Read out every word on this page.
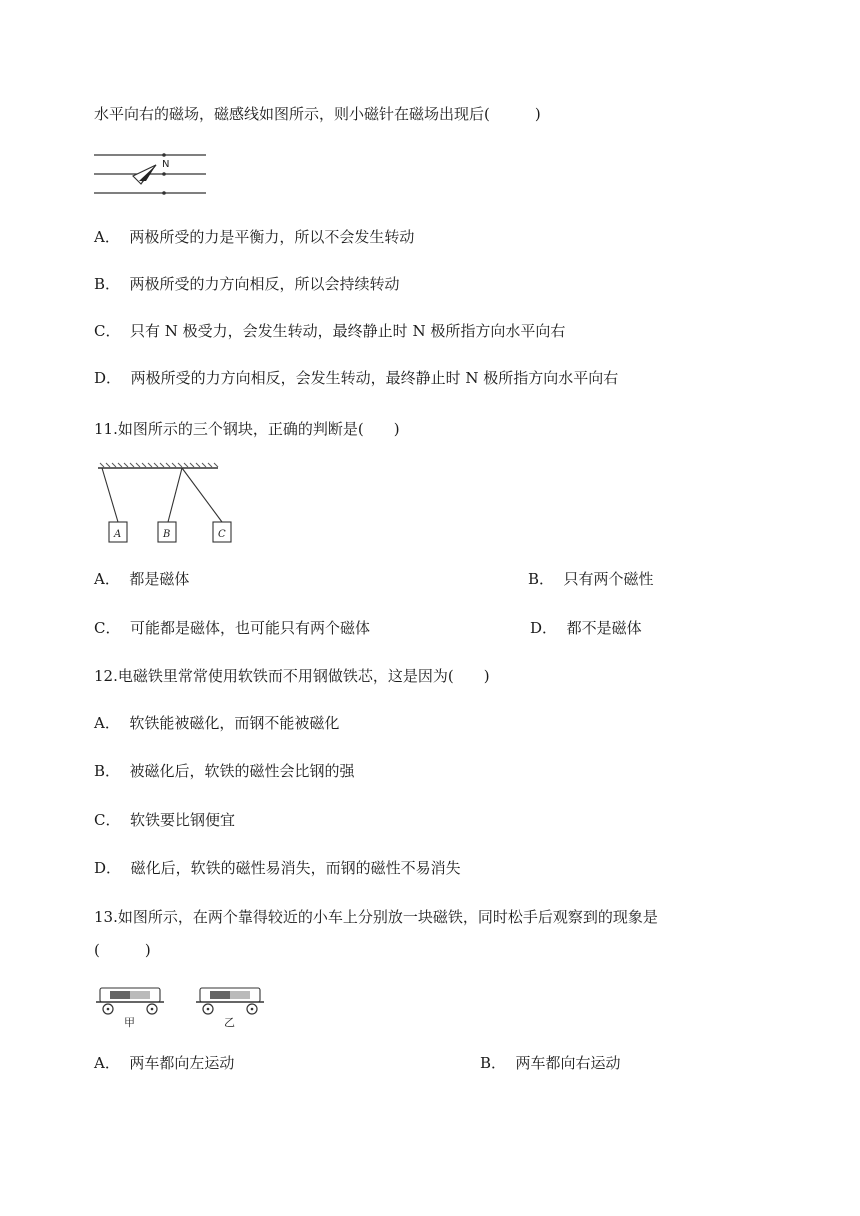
水平向右的磁场，磁感线如图所示，则小磁针在磁场出现后(　　　)
N
A．  两极所受的力是平衡力，所以不会发生转动
B．  两极所受的力方向相反，所以会持续转动
C．  只有 N 极受力，会发生转动，最终静止时 N 极所指方向水平向右
D．  两极所受的力方向相反，会发生转动，最终静止时 N 极所指方向水平向右
11.如图所示的三个钢块，正确的判断是(　　)
A	B	C
A．  都是磁体	B．  只有两个磁性
C．  可能都是磁体，也可能只有两个磁体	D．  都不是磁体
12.电磁铁里常常使用软铁而不用钢做铁芯，这是因为(　　)
A．  软铁能被磁化，而钢不能被磁化
B．  被磁化后，软铁的磁性会比钢的强
C．  软铁要比钢便宜
D．  磁化后，软铁的磁性易消失，而钢的磁性不易消失
13.如图所示，在两个靠得较近的小车上分别放一块磁铁，同时松手后观察到的现象是
(　　　)
甲	乙
A．  两车都向左运动	B．  两车都向右运动
